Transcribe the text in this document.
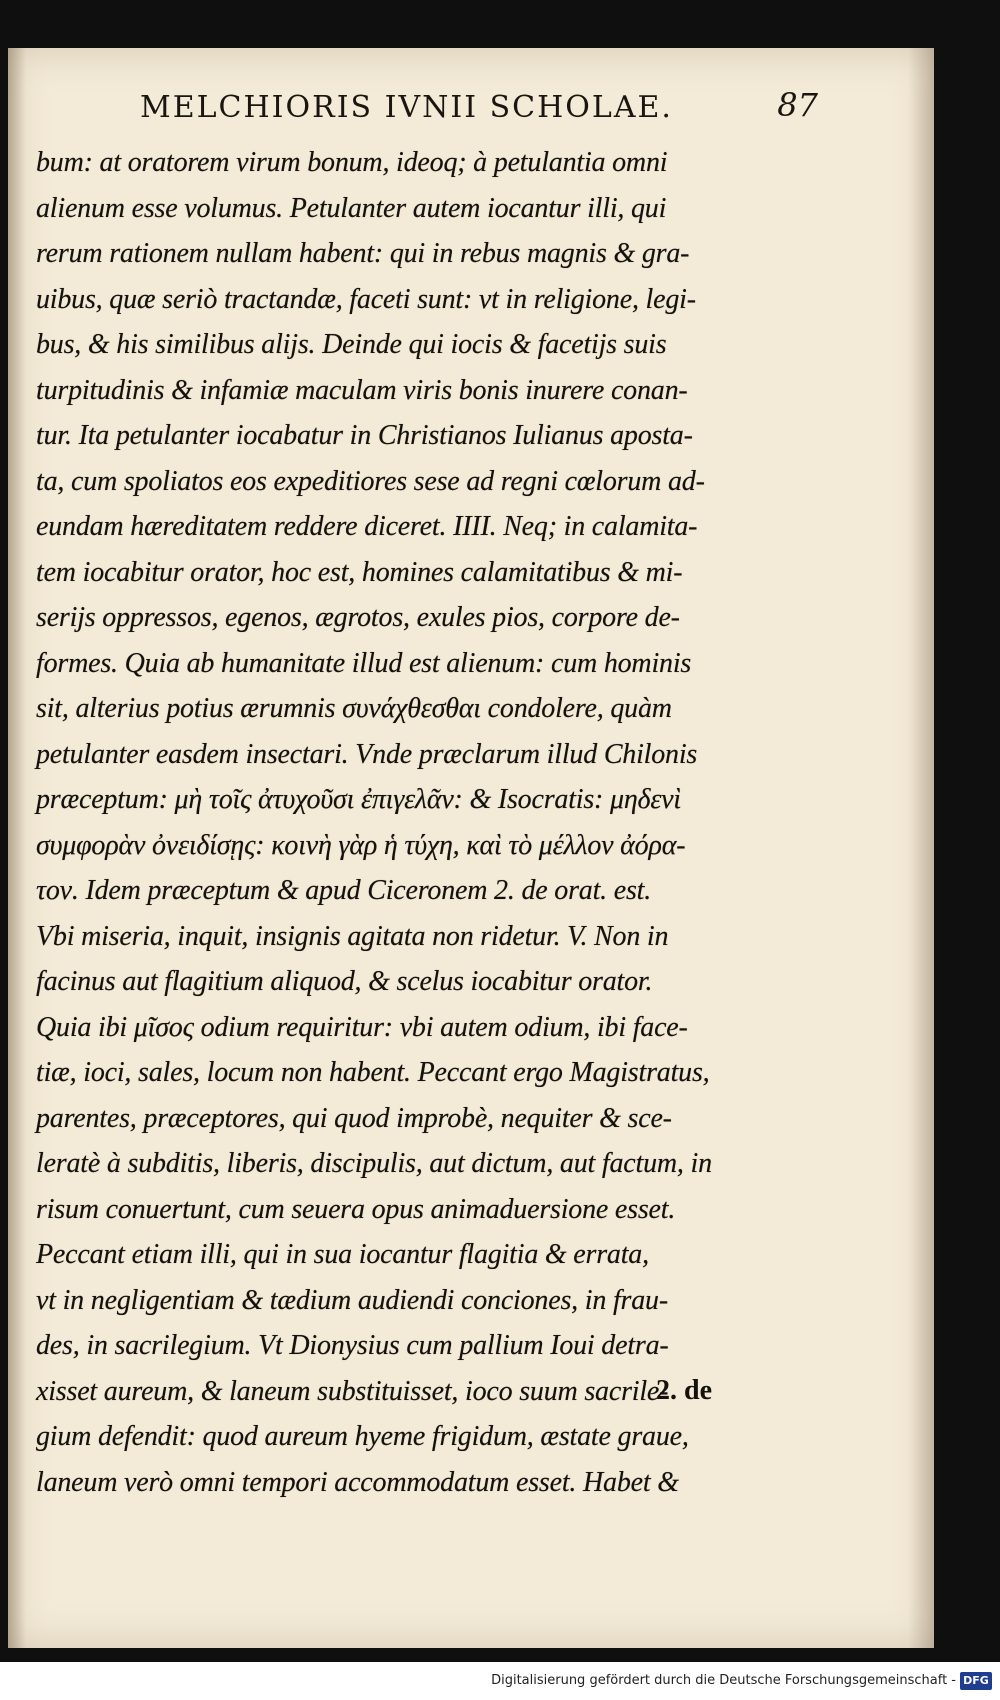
MELCHIORIS IVNII SCHOLAE.	87
bum: at oratorem virum bonum, ideoq; à petulantia omni
alienum esse volumus. Petulanter autem iocantur illi, qui
rerum rationem nullam habent: qui in rebus magnis & gra-
uibus, quæ seriò tractandæ, faceti sunt: vt in religione, legi-
bus, & his similibus alijs. Deinde qui iocis & facetijs suis
turpitudinis & infamiæ maculam viris bonis inurere conan-
tur. Ita petulanter iocabatur in Christianos Iulianus aposta-
ta, cum spoliatos eos expeditiores sese ad regni cœlorum ad-
eundam hæreditatem reddere diceret. IIII. Neq; in calamita-
tem iocabitur orator, hoc est, homines calamitatibus & mi-
serijs oppressos, egenos, ægrotos, exules pios, corpore de-
formes. Quia ab humanitate illud est alienum: cum hominis
sit, alterius potius ærumnis συνάχθεσθαι condolere, quàm
petulanter easdem insectari. Vnde præclarum illud Chilonis
præceptum: μὴ τοῖς ἀτυχοῦσι ἐπιγελᾶν: & Isocratis: μηδενὶ
συμφορὰν ὀνειδίσῃς: κοινὴ γὰρ ἡ τύχη, καὶ τὸ μέλλον ἀόρα-
τον. Idem præceptum & apud Ciceronem 2. de orat. est.
Vbi miseria, inquit, insignis agitata non ridetur. V. Non in
facinus aut flagitium aliquod, & scelus iocabitur orator.
Quia ibi μῖσος odium requiritur: vbi autem odium, ibi face-
tiæ, ioci, sales, locum non habent. Peccant ergo Magistratus,
parentes, præceptores, qui quod improbè, nequiter & sce-
leratè à subditis, liberis, discipulis, aut dictum, aut factum, in
risum conuertunt, cum seuera opus animaduersione esset.
Peccant etiam illi, qui in sua iocantur flagitia & errata,
vt in negligentiam & tædium audiendi conciones, in frau-
des, in sacrilegium. Vt Dionysius cum pallium Ioui detra-
xisset aureum, & laneum substituisset, ioco suum sacrile-
gium defendit: quod aureum hyeme frigidum, æstate graue,
laneum verò omni tempori accommodatum esset. Habet &
2. de
Digitalisierung gefördert durch die Deutsche Forschungsgemeinschaft - DFG
